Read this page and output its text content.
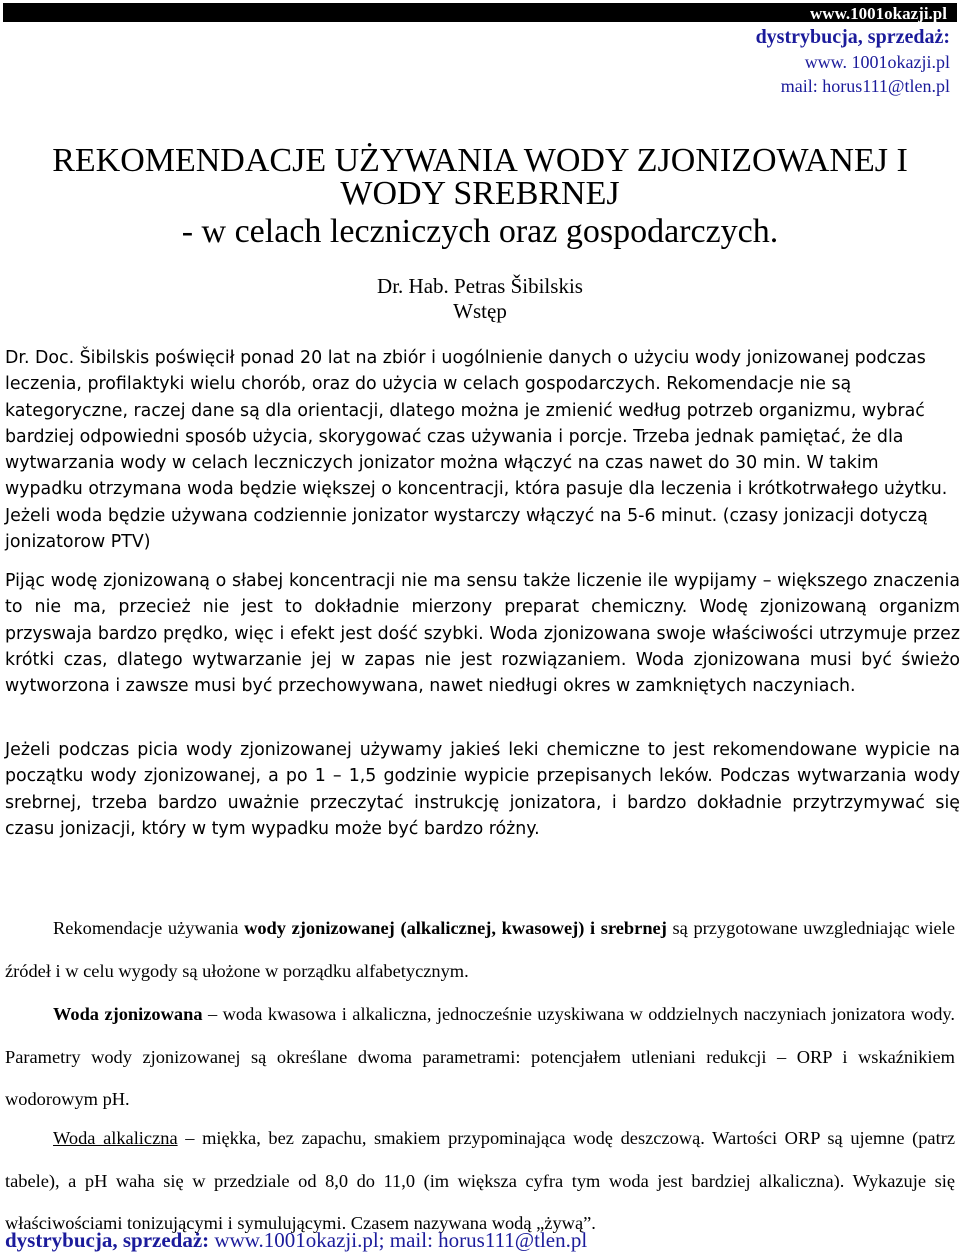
www.1001okazji.pl
dystrybucja, sprzedaż:
www. 1001okazji.pl
mail: horus111@tlen.pl
REKOMENDACJE UŻYWANIA WODY ZJONIZOWANEJ I
WODY SREBRNEJ
- w celach leczniczych oraz gospodarczych.
Dr. Hab. Petras Šibilskis
Wstęp

Dr. Doc. Šibilskis poświęcił ponad 20 lat na zbiór i uogólnienie danych o użyciu wody jonizowanej podczas leczenia, profilaktyki wielu chorób, oraz do użycia w celach gospodarczych. Rekomendacje nie są kategoryczne, raczej dane są dla orientacji, dlatego można je zmienić według potrzeb organizmu, wybrać bardziej odpowiedni sposób użycia, skorygować czas używania i porcje. Trzeba jednak pamiętać, że dla wytwarzania wody w celach leczniczych jonizator można włączyć na czas nawet do 30 min. W takim wypadku otrzymana woda będzie większej o koncentracji, która pasuje dla leczenia i krótkotrwałego użytku. Jeżeli woda będzie używana codziennie jonizator wystarczy włączyć na 5-6 minut. (czasy jonizacji dotyczą jonizatorow PTV)

Pijąc wodę zjonizowaną o słabej koncentracji nie ma sensu także liczenie ile wypijamy – większego znaczenia to nie ma, przecież nie jest to dokładnie mierzony preparat chemiczny. Wodę zjonizowaną organizm przyswaja bardzo prędko, więc i efekt jest dość szybki. Woda zjonizowana swoje właściwości utrzymuje przez krótki czas, dlatego wytwarzanie jej w zapas nie jest rozwiązaniem. Woda zjonizowana musi być świeżo wytworzona i zawsze musi być przechowywana, nawet niedługi okres w zamkniętych naczyniach.

Jeżeli podczas picia wody zjonizowanej używamy jakieś leki chemiczne to jest rekomendowane wypicie na początku wody zjonizowanej, a po 1 – 1,5 godzinie wypicie przepisanych leków. Podczas wytwarzania wody srebrnej, trzeba bardzo uważnie przeczytać instrukcję jonizatora, i bardzo dokładnie przytrzymywać się czasu jonizacji, który w tym wypadku może być bardzo różny.

Rekomendacje używania wody zjonizowanej (alkalicznej, kwasowej) i srebrnej są przygotowane uwzgledniając wiele źródeł i w celu wygody są ułożone w porządku alfabetycznym.

Woda zjonizowana – woda kwasowa i alkaliczna, jednocześnie uzyskiwana w oddzielnych naczyniach jonizatora wody. Parametry wody zjonizowanej są określane dwoma parametrami: potencjałem utleniani redukcji – ORP i wskaźnikiem wodorowym pH.

Woda alkaliczna – miękka, bez zapachu, smakiem przypominająca wodę deszczową. Wartości ORP są ujemne (patrz tabele), a pH waha się w przedziale od 8,0 do 11,0 (im większa cyfra tym woda jest bardziej alkaliczna). Wykazuje się właściwościami tonizującymi i symulującymi. Czasem nazywana wodą „żywą”.

dystrybucja, sprzedaż: www.1001okazji.pl; mail: horus111@tlen.pl
